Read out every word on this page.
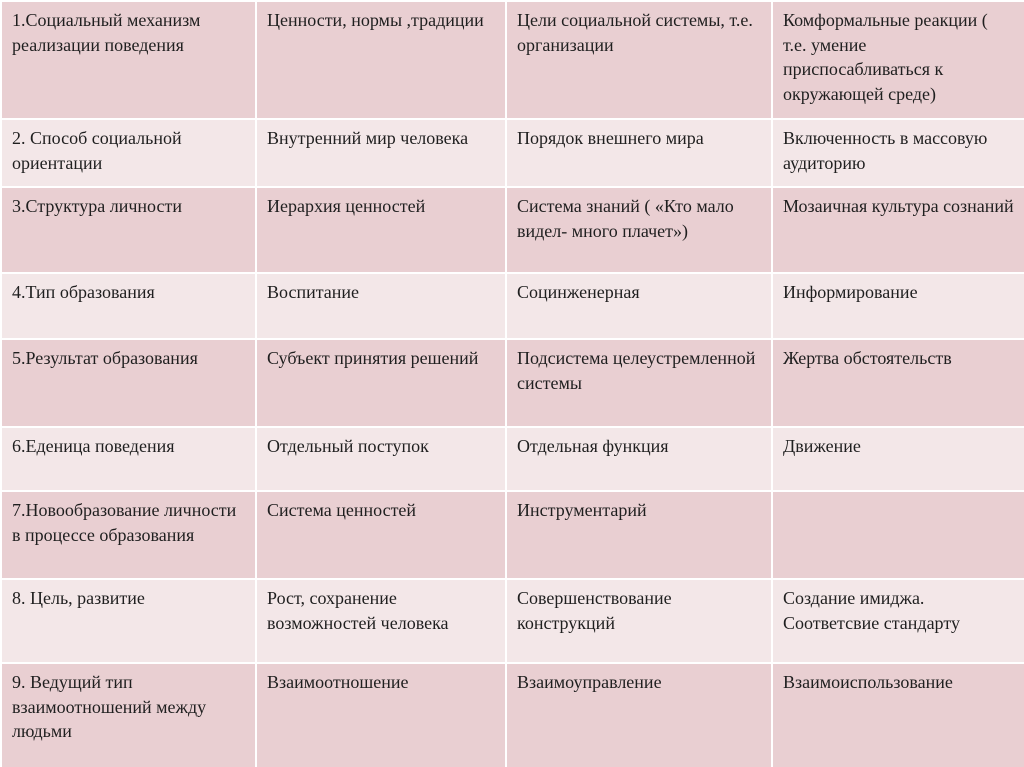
1.Социальный механизм реализации поведения	Ценности, нормы ,традиции	Цели социальной системы, т.е. организации	Комформальные реакции ( т.е. умение приспосабливаться к окружающей среде)
2. Способ социальной ориентации	Внутренний мир человека	Порядок внешнего мира	Включенность в массовую аудиторию
3.Структура личности	Иерархия ценностей	Система знаний ( «Кто мало видел- много плачет»)	Мозаичная культура сознаний
4.Тип образования	Воспитание	Социнженерная	Информирование
5.Результат образования	Субъект принятия решений	Подсистема целеустремленной системы	Жертва обстоятельств
6.Еденица поведения	Отдельный поступок	Отдельная функция	Движение
7.Новообразование личности в процессе образования	Система ценностей	Инструментарий	
8. Цель, развитие	Рост, сохранение возможностей человека	Совершенствование конструкций	Создание имиджа. Соответсвие стандарту
9. Ведущий тип взаимоотношений между людьми	Взаимоотношение	Взаимоуправление	Взаимоиспользование
